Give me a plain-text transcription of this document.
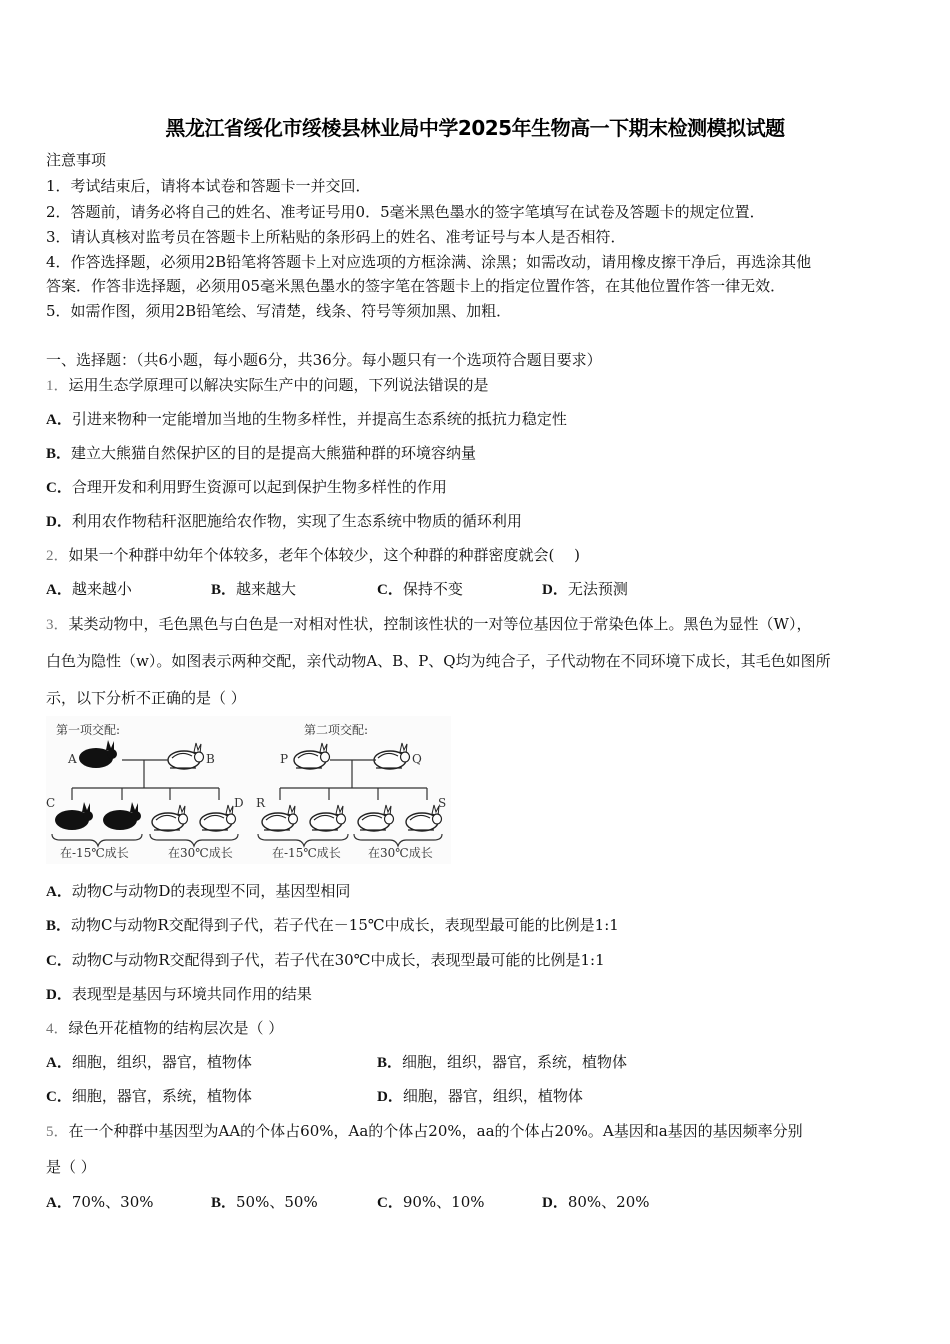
黑龙江省绥化市绥棱县林业局中学2025年生物高一下期末检测模拟试题
注意事项
1．考试结束后，请将本试卷和答题卡一并交回．
2．答题前，请务必将自己的姓名、准考证号用0．5毫米黑色墨水的签字笔填写在试卷及答题卡的规定位置．
3．请认真核对监考员在答题卡上所粘贴的条形码上的姓名、准考证号与本人是否相符．
4．作答选择题，必须用2B铅笔将答题卡上对应选项的方框涂满、涂黑；如需改动，请用橡皮擦干净后，再选涂其他
答案．作答非选择题，必须用05毫米黑色墨水的签字笔在答题卡上的指定位置作答，在其他位置作答一律无效．
5．如需作图，须用2B铅笔绘、写清楚，线条、符号等须加黑、加粗．
一、选择题：（共6小题，每小题6分，共36分。每小题只有一个选项符合题目要求）
1．运用生态学原理可以解决实际生产中的问题，下列说法错误的是
A．引进来物种一定能增加当地的生物多样性，并提高生态系统的抵抗力稳定性
B．建立大熊猫自然保护区的目的是提高大熊猫种群的环境容纳量
C．合理开发和利用野生资源可以起到保护生物多样性的作用
D．利用农作物秸秆沤肥施给农作物，实现了生态系统中物质的循环利用
2．如果一个种群中幼年个体较多，老年个体较少，这个种群的种群密度就会(　 )
A．越来越小	B．越来越大	C．保持不变	D．无法预测
3．某类动物中，毛色黑色与白色是一对相对性状，控制该性状的一对等位基因位于常染色体上。黑色为显性（W），
白色为隐性（w）。如图表示两种交配，亲代动物A、B、P、Q均为纯合子，子代动物在不同环境下成长，其毛色如图所
示，以下分析不正确的是（ ）
第一项交配:	第二项交配:
A	B
C	D
P	Q
R	S
在-15℃成长	在30℃成长	在-15℃成长 在30℃成长
A．动物C与动物D的表现型不同，基因型相同
B．动物C与动物R交配得到子代，若子代在－15℃中成长，表现型最可能的比例是1:1
C．动物C与动物R交配得到子代，若子代在30℃中成长，表现型最可能的比例是1:1
D．表现型是基因与环境共同作用的结果
4．绿色开花植物的结构层次是（ ）
A．细胞，组织，器官，植物体	B．细胞，组织，器官，系统，植物体
C．细胞，器官，系统，植物体	D．细胞，器官，组织，植物体
5．在一个种群中基因型为AA的个体占60%，Aa的个体占20%，aa的个体占20%。A基因和a基因的基因频率分别
是（ ）
A．70%、30%	B．50%、50%	C．90%、10%	D．80%、20%
